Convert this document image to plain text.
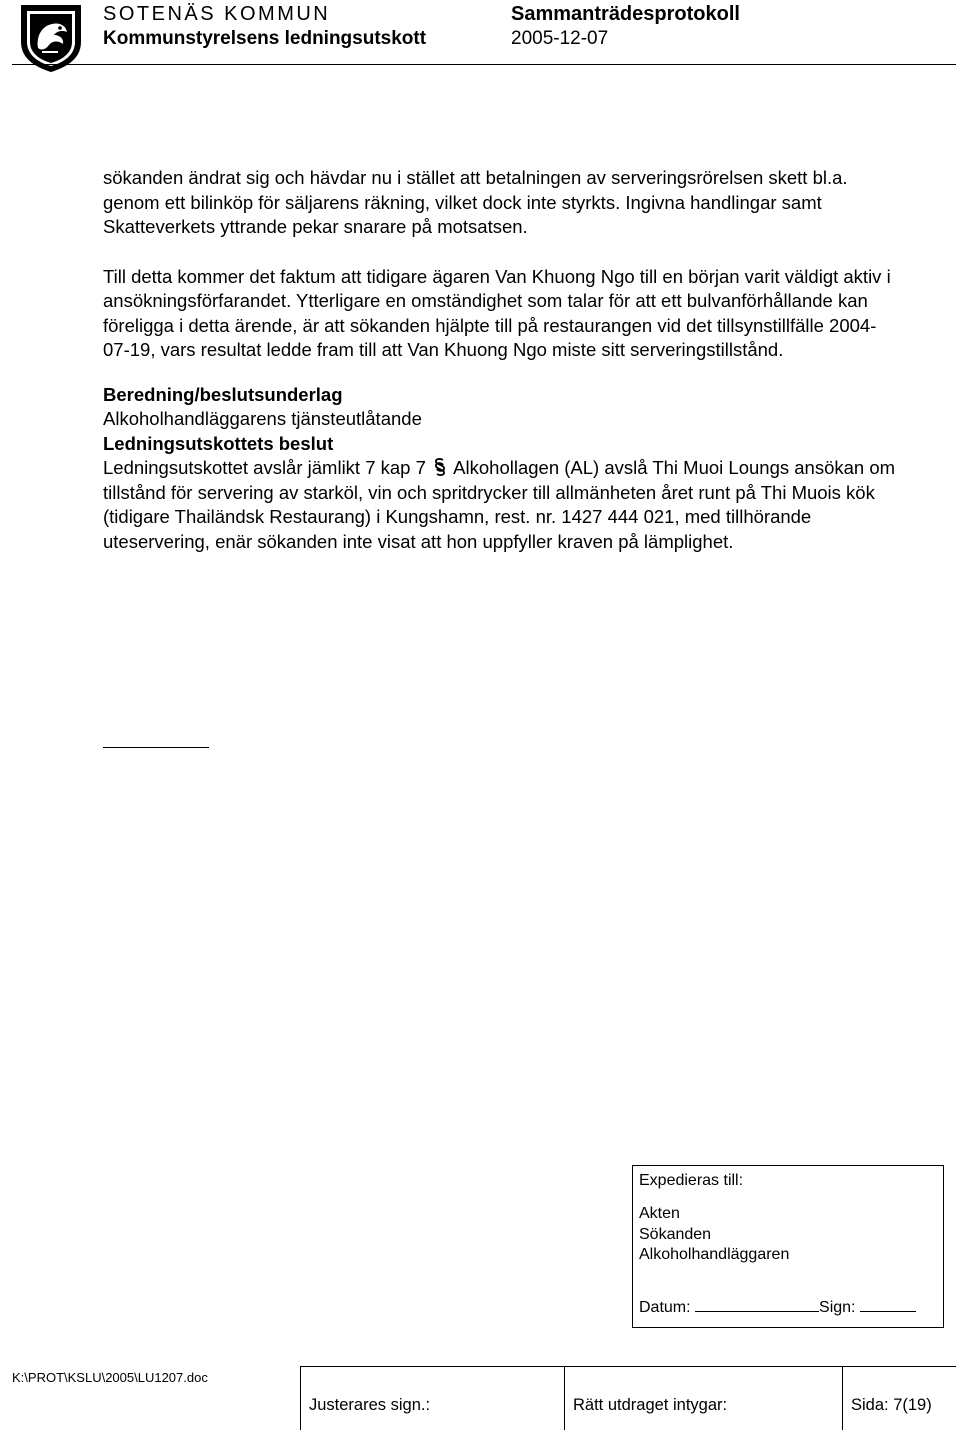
SOTENÄS KOMMUN
Kommunstyrelsens ledningsutskott
Sammanträdesprotokoll
2005-12-07

sökanden ändrat sig och hävdar nu i stället att betalningen av serveringsrörelsen skett bl.a. genom ett bilinköp för säljarens räkning, vilket dock inte styrkts. Ingivna handlingar samt Skatteverkets yttrande pekar snarare på motsatsen.

Till detta kommer det faktum att tidigare ägaren Van Khuong Ngo till en början varit väldigt aktiv i ansökningsförfarandet. Ytterligare en omständighet som talar för att ett bulvanförhållande kan föreligga i detta ärende, är att sökanden hjälpte till på restaurangen vid det tillsynstillfälle 2004-07-19, vars resultat ledde fram till att Van Khuong Ngo miste sitt serveringstillstånd.

Beredning/beslutsunderlag

Alkoholhandläggarens tjänsteutlåtande

Ledningsutskottets beslut

Ledningsutskottet avslår jämlikt 7 kap 7  Alkohollagen (AL) avslå Thi Muoi Loungs ansökan om tillstånd för servering av starköl, vin och spritdrycker till allmänheten året runt på Thi Muois kök (tidigare Thailändsk Restaurang) i Kungshamn, rest. nr. 1427 444 021, med tillhörande uteservering, enär sökanden inte visat att hon uppfyller kraven på lämplighet.

Expedieras till:
Akten
Sökanden
Alkoholhandläggaren
Datum:	Sign:
K:\PROT\KSLU\2005\LU1207.doc
Justerares sign.:	Rätt utdraget intygar:	Sida: 7(19)
